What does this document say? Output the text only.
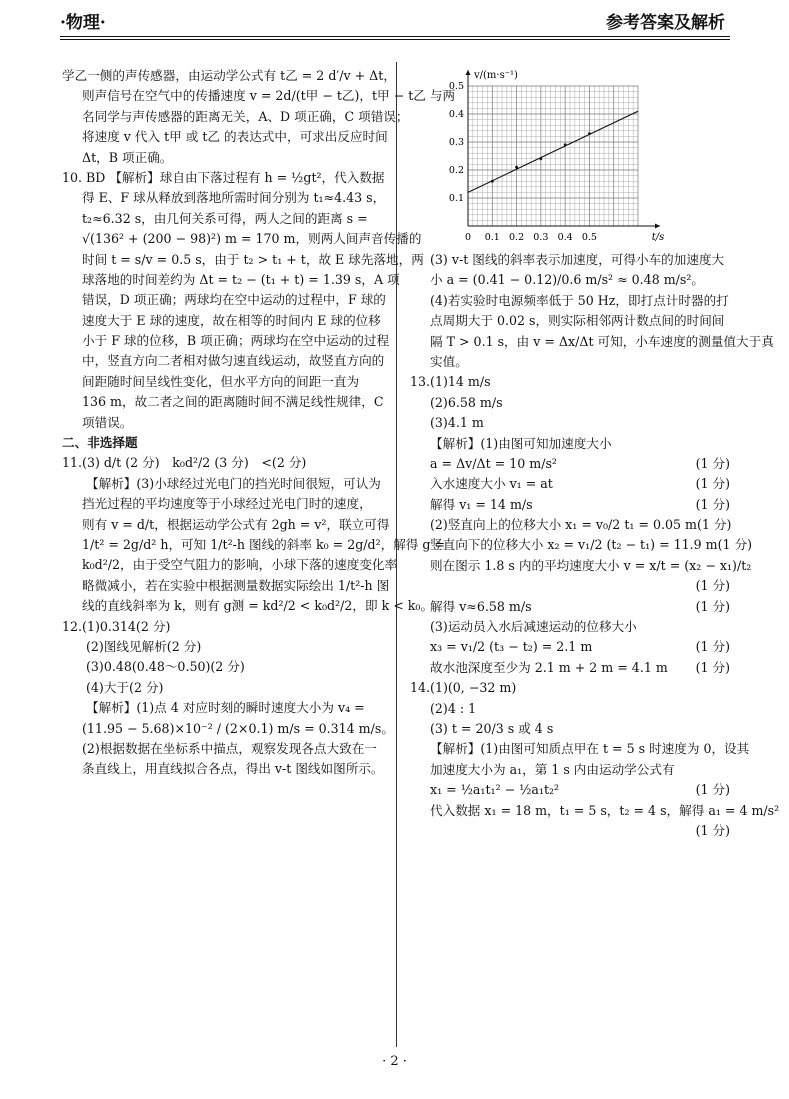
·物理·	参考答案及解析
学乙一侧的声传感器，由运动学公式有 t乙 = 2 d′/v + Δt，
则声信号在空气中的传播速度 v = 2d/(t甲 − t乙)，t甲 − t乙 与两
名同学与声传感器的距离无关，A、D 项正确，C 项错误；
将速度 v 代入 t甲 或 t乙 的表达式中，可求出反应时间
Δt，B 项正确。
10. BD 【解析】球自由下落过程有 h = ½gt²，代入数据
得 E、F 球从释放到落地所需时间分别为 t₁≈4.43 s，
t₂≈6.32 s，由几何关系可得，两人之间的距离 s =
√(136² + (200 − 98)²) m = 170 m，则两人间声音传播的
时间 t = s/v = 0.5 s，由于 t₂ > t₁ + t，故 E 球先落地，两
球落地的时间差约为 Δt = t₂ − (t₁ + t) = 1.39 s，A 项
错误，D 项正确；两球均在空中运动的过程中，F 球的
速度大于 E 球的速度，故在相等的时间内 E 球的位移
小于 F 球的位移，B 项正确；两球均在空中运动的过程
中，竖直方向二者相对做匀速直线运动，故竖直方向的
间距随时间呈线性变化，但水平方向的间距一直为
136 m，故二者之间的距离随时间不满足线性规律，C
项错误。
二、非选择题
11.(3) d/t (2 分)　k₀d²/2 (3 分)　<(2 分)
【解析】(3)小球经过光电门的挡光时间很短，可认为
挡光过程的平均速度等于小球经过光电门时的速度，
则有 v = d/t，根据运动学公式有 2gh = v²，联立可得
1/t² = 2g/d² h，可知 1/t²-h 图线的斜率 k₀ = 2g/d²，解得 g =
k₀d²/2，由于受空气阻力的影响，小球下落的速度变化率
略微减小，若在实验中根据测量数据实际绘出 1/t²-h 图
线的直线斜率为 k，则有 g测 = kd²/2 < k₀d²/2，即 k < k₀。
12.(1)0.314(2 分)
(2)图线见解析(2 分)
(3)0.48(0.48～0.50)(2 分)
(4)大于(2 分)
【解析】(1)点 4 对应时刻的瞬时速度大小为 v₄ =
(11.95 − 5.68)×10⁻² / (2×0.1) m/s = 0.314 m/s。
(2)根据数据在坐标系中描点，观察发现各点大致在一
条直线上，用直线拟合各点，得出 v-t 图线如图所示。
0 0.1 0.2 0.3 0.4 0.5
0.1
0.2
0.3
0.4
0.5
t/s
v/(m·s⁻¹)
(3) v-t 图线的斜率表示加速度，可得小车的加速度大
小 a = (0.41 − 0.12)/0.6 m/s² ≈ 0.48 m/s²。
(4)若实验时电源频率低于 50 Hz，即打点计时器的打
点周期大于 0.02 s，则实际相邻两计数点间的时间间
隔 T > 0.1 s，由 v = Δx/Δt 可知，小车速度的测量值大于真
实值。
13.(1)14 m/s
(2)6.58 m/s
(3)4.1 m
【解析】(1)由图可知加速度大小
a = Δv/Δt = 10 m/s²	(1 分)
入水速度大小 v₁ = at	(1 分)
解得 v₁ = 14 m/s	(1 分)
(2)竖直向上的位移大小 x₁ = v₀/2 t₁ = 0.05 m (1 分)
竖直向下的位移大小 x₂ = v₁/2 (t₂ − t₁) = 11.9 m (1 分)
则在图示 1.8 s 内的平均速度大小 v = x/t = (x₂ − x₁)/t₂
(1 分)
解得 v≈6.58 m/s	(1 分)
(3)运动员入水后减速运动的位移大小
x₃ = v₁/2 (t₃ − t₂) = 2.1 m	(1 分)
故水池深度至少为 2.1 m + 2 m = 4.1 m (1 分)
14.(1)(0, −32 m)
(2)4 : 1
(3) t = 20/3 s 或 4 s
【解析】(1)由图可知质点甲在 t = 5 s 时速度为 0，设其
加速度大小为 a₁，第 1 s 内由运动学公式有
x₁ = ½a₁t₁² − ½a₁t₂²	(1 分)
代入数据 x₁ = 18 m，t₁ = 5 s，t₂ = 4 s，解得 a₁ = 4 m/s²
(1 分)
· 2 ·
